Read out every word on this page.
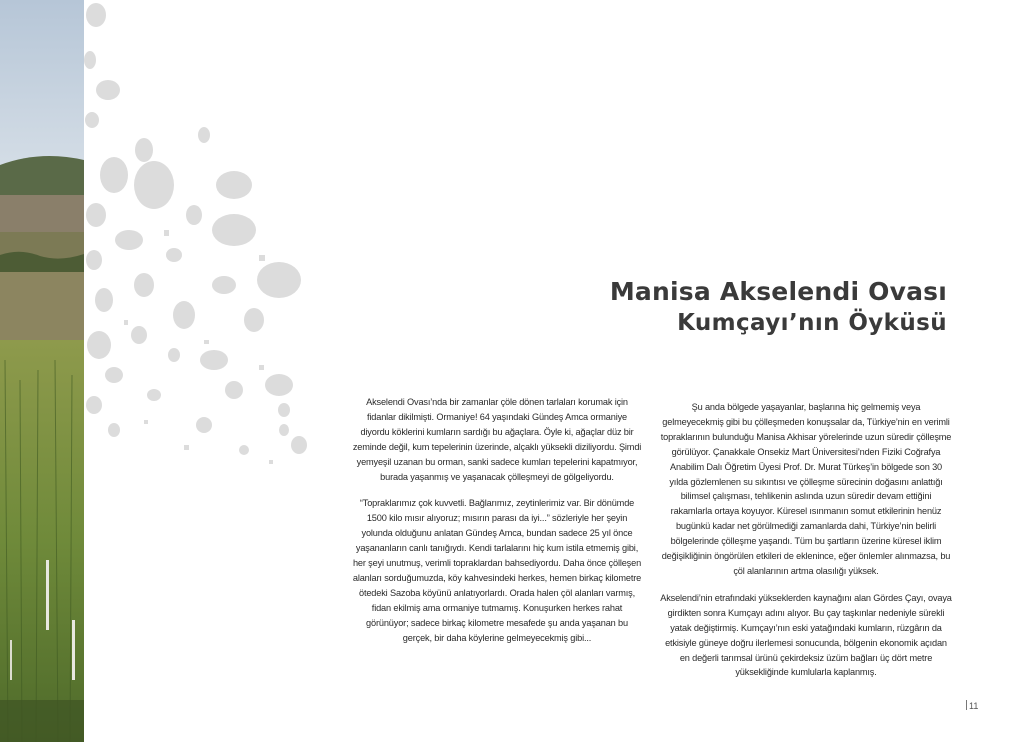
Manisa Akselendi Ovası
Kumçayı’nın Öyküsü

Akselendi Ovası’nda bir zamanlar çöle dönen tarlaları korumak için fidanlar dikilmişti. Ormaniye! 64 yaşındaki Gündeş Amca ormaniye diyordu köklerini kumların sardığı bu ağaçlara. Öyle ki, ağaçlar düz bir zeminde değil, kum tepelerinin üzerinde, alçaklı yüksekli diziliyordu. Şimdi yemyeşil uzanan bu orman, sanki sadece kumları tepelerini kapatmıyor, burada yaşanmış ve yaşanacak çölleşmeyi de gölgeliyordu.

“Topraklarımız çok kuvvetli. Bağlarımız, zeytinlerimiz var. Bir dönümde 1500 kilo mısır alıyoruz; mısırın parası da iyi...” sözleriyle her şeyin yolunda olduğunu anlatan Gündeş Amca, bundan sadece 25 yıl önce yaşananların canlı tanığıydı. Kendi tarlalarını hiç kum istila etmemiş gibi, her şeyi unutmuş, verimli topraklardan bahsediyordu. Daha önce çölleşen alanları sorduğumuzda, köy kahvesindeki herkes, hemen birkaç kilometre ötedeki Sazoba köyünü anlatıyorlardı. Orada halen çöl alanları varmış, fidan ekilmiş ama ormaniye tutmamış. Konuşurken herkes rahat görünüyor; sadece birkaç kilometre mesafede şu anda yaşanan bu gerçek, bir daha köylerine gelmeyecekmiş gibi...

Şu anda bölgede yaşayanlar, başlarına hiç gelmemiş veya gelmeyecekmiş gibi bu çölleşmeden konuşsalar da, Türkiye’nin en verimli topraklarının bulunduğu Manisa Akhisar yörelerinde uzun süredir çölleşme görülüyor. Çanakkale Onsekiz Mart Üniversitesi’nden Fiziki Coğrafya Anabilim Dalı Öğretim Üyesi Prof. Dr. Murat Türkeş’in bölgede son 30 yılda gözlemlenen su sıkıntısı ve çölleşme sürecinin doğasını anlattığı bilimsel çalışması, tehlikenin aslında uzun süredir devam ettiğini rakamlarla ortaya koyuyor. Küresel ısınmanın somut etkilerinin henüz bugünkü kadar net görülmediği zamanlarda dahi, Türkiye’nin belirli bölgelerinde çölleşme yaşandı. Tüm bu şartların üzerine küresel iklim değişikliğinin öngörülen etkileri de eklenince, eğer önlemler alınmazsa, bu çöl alanlarının artma olasılığı yüksek.

Akselendi’nin etrafındaki yükseklerden kaynağını alan Gördes Çayı, ovaya girdikten sonra Kumçayı adını alıyor. Bu çay taşkınlar nedeniyle sürekli yatak değiştirmiş. Kumçayı’nın eski yatağındaki kumların, rüzgârın da etkisiyle güneye doğru ilerlemesi sonucunda, bölgenin ekonomik açıdan en değerli tarımsal ürünü çekirdeksiz üzüm bağları üç dört metre yüksekliğinde kumlularla kaplanmış.

11
